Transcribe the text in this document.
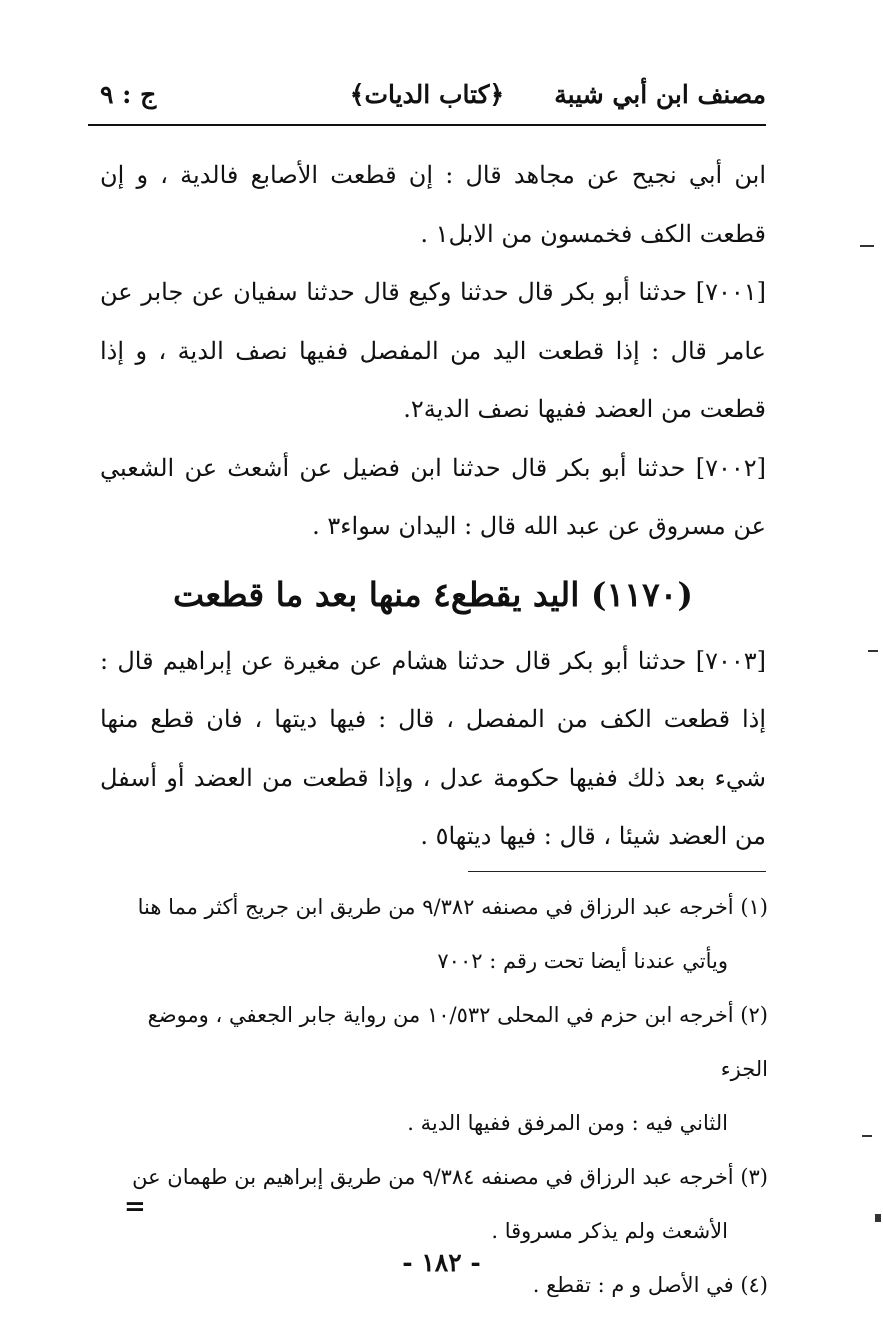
مصنف ابن أبي شيبة
﴿كتاب الديات﴾
ج : ٩

ابن أبي نجيح عن مجاهد قال : إن قطعت الأصابع فالدية ، و إن قطعت الكف فخمسون من الابل١ .

[٧٠٠١] حدثنا أبو بكر قال حدثنا وكيع قال حدثنا سفيان عن جابر عن عامر قال : إذا قطعت اليد من المفصل ففيها نصف الدية ، و إذا قطعت من العضد ففيها نصف الدية٢.

[٧٠٠٢] حدثنا أبو بكر قال حدثنا ابن فضيل عن أشعث عن الشعبي عن مسروق عن عبد الله قال : اليدان سواء٣ .

(١١٧٠) اليد يقطع٤ منها بعد ما قطعت

[٧٠٠٣] حدثنا أبو بكر قال حدثنا هشام عن مغيرة عن إبراهيم قال : إذا قطعت الكف من المفصل ، قال : فيها ديتها ، فان قطع منها شيء بعد ذلك ففيها حكومة عدل ، وإذا قطعت من العضد أو أسفل من العضد شيئا ، قال : فيها ديتها٥ .

(١) أخرجه عبد الرزاق في مصنفه ٩/٣٨٢ من طريق ابن جريج أكثر مما هنا
ويأتي عندنا أيضا تحت رقم : ٧٠٠٢

(٢) أخرجه ابن حزم في المحلى ١٠/٥٣٢ من رواية جابر الجعفي ، وموضع الجزء
الثاني فيه : ومن المرفق ففيها الدية .

(٣) أخرجه عبد الرزاق في مصنفه ٩/٣٨٤ من طريق إبراهيم بن طهمان عن
الأشعث ولم يذكر مسروقا .

(٤) في الأصل و م : تقطع .

=
- ١٨٢ -
